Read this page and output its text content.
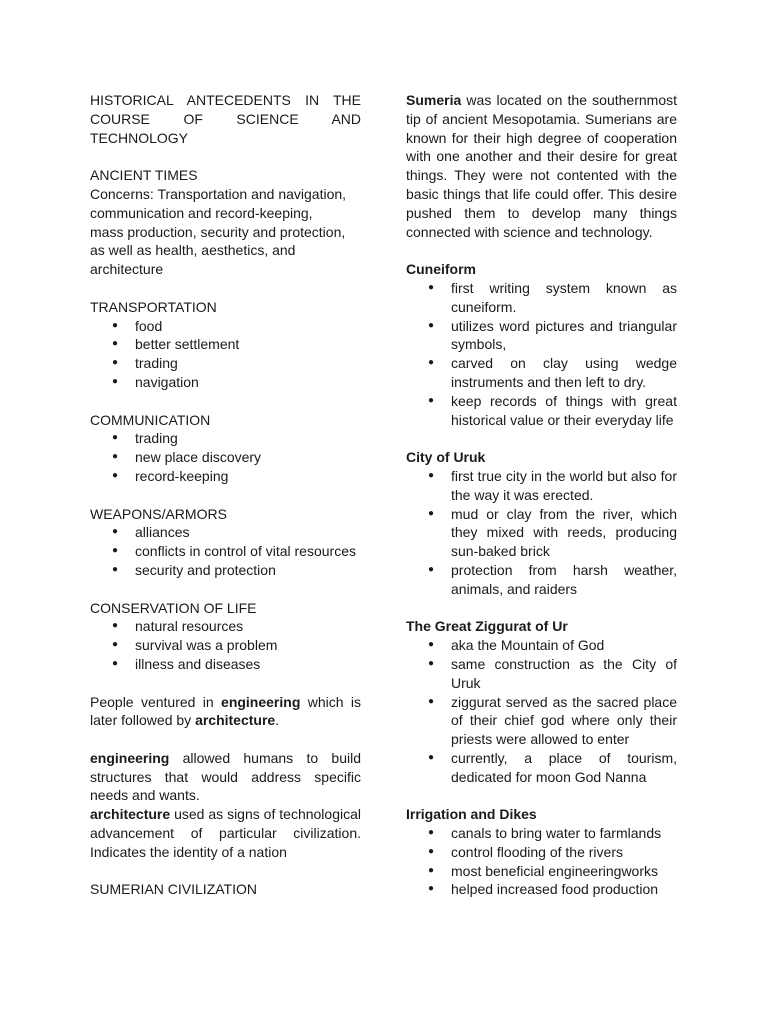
HISTORICAL ANTECEDENTS IN THE COURSE OF SCIENCE AND TECHNOLOGY

ANCIENT TIMES

Concerns: Transportation and navigation,
communication and record-keeping,
mass production, security and protection,
as well as health, aesthetics, and
architecture

TRANSPORTATION

● food
● better settlement
● trading
● navigation

COMMUNICATION

● trading
● new place discovery
● record-keeping

WEAPONS/ARMORS

● alliances
● conflicts in control of vital resources
● security and protection

CONSERVATION OF LIFE

● natural resources
● survival was a problem
● illness and diseases

People ventured in engineering which is later followed by architecture.

engineering allowed humans to build structures that would address specific needs and wants.

architecture used as signs of technological advancement of particular civilization. Indicates the identity of a nation

SUMERIAN CIVILIZATION

Sumeria was located on the southernmost tip of ancient Mesopotamia. Sumerians are known for their high degree of cooperation with one another and their desire for great things. They were not contented with the basic things that life could offer. This desire pushed them to develop many things connected with science and technology.

Cuneiform

● first writing system known as cuneiform.
● utilizes word pictures and triangular symbols,
● carved on clay using wedge instruments and then left to dry.
● keep records of things with great historical value or their everyday life

City of Uruk

● first true city in the world but also for the way it was erected.
● mud or clay from the river, which they mixed with reeds, producing sun-baked brick
● protection from harsh weather, animals, and raiders

The Great Ziggurat of Ur

● aka the Mountain of God
● same construction as the City of Uruk
● ziggurat served as the sacred place of their chief god where only their priests were allowed to enter
● currently, a place of tourism, dedicated for moon God Nanna

Irrigation and Dikes

● canals to bring water to farmlands
● control flooding of the rivers
● most beneficial engineeringworks
● helped increased food production
